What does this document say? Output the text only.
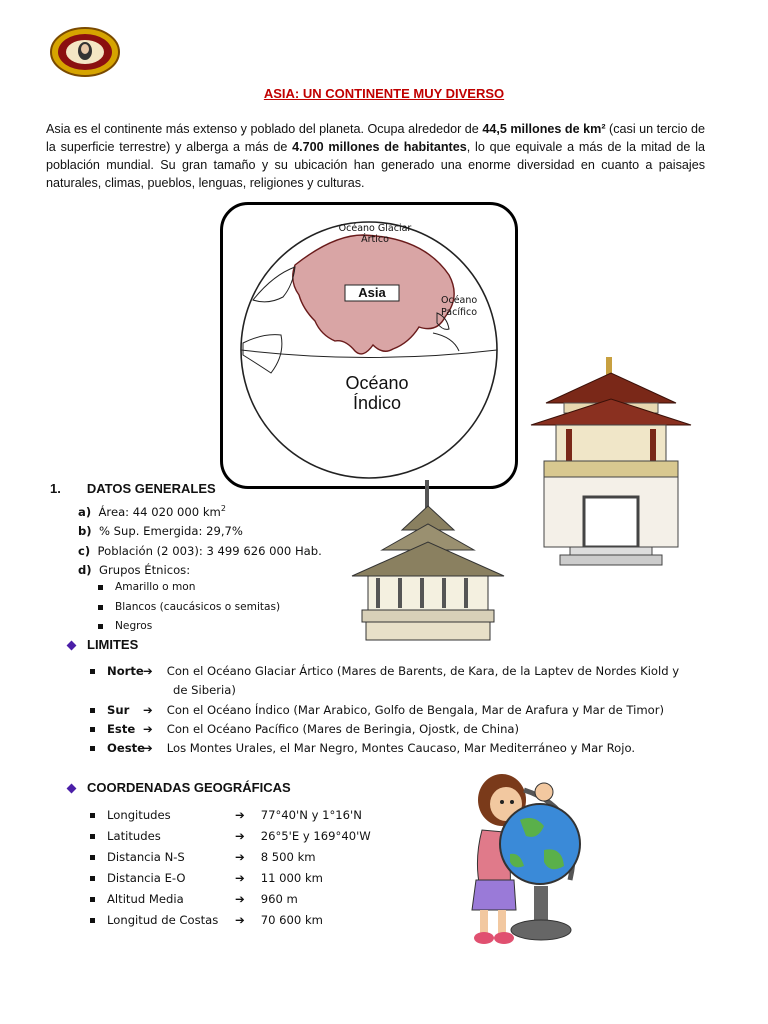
ASIA: UN CONTINENTE MUY DIVERSO
Asia es el continente más extenso y poblado del planeta. Ocupa alrededor de 44,5 millones de km² (casi un tercio de la superficie terrestre) y alberga a más de 4.700 millones de habitantes, lo que equivale a más de la mitad de la población mundial. Su gran tamaño y su ubicación han generado una enorme diversidad en cuanto a paisajes naturales, climas, pueblos, lenguas, religiones y culturas.
Océano Glaciar
Ártico
Asia
Océano
Pacífico
Océano
Índico
1. DATOS GENERALES
a) Área: 44 020 000 $km^2$
b) % Sup. Emergida: 29,7%
c) Población (2 003): 3 499 626 000 Hab.
d) Grupos Étnicos:
Amarillo o mon
Blancos (caucásicos o semitas)
Negros
LIMITES
Norte➔ Con el Océano Glaciar Ártico (Mares de Barents, de Kara, de la Laptev de Nordes Kiold y
de Siberia)
Sur ➔ Con el Océano Índico (Mar Arabico, Golfo de Bengala, Mar de Arafura y Mar de Timor)
Este ➔ Con el Océano Pacífico (Mares de Beringia, Ojostk, de China)
Oeste➔ Los Montes Urales, el Mar Negro, Montes Caucaso, Mar Mediterráneo y Mar Rojo.
COORDENADAS GEOGRÁFICAS
Longitudes	➔ 77°40'N y 1°16'N
Latitudes	➔ 26°5'E y 169°40'W
Distancia N-S	➔ 8 500 km
Distancia E-O	➔ 11 000 km
Altitud Media	➔ 960 m
Longitud de Costas ➔ 70 600 km
